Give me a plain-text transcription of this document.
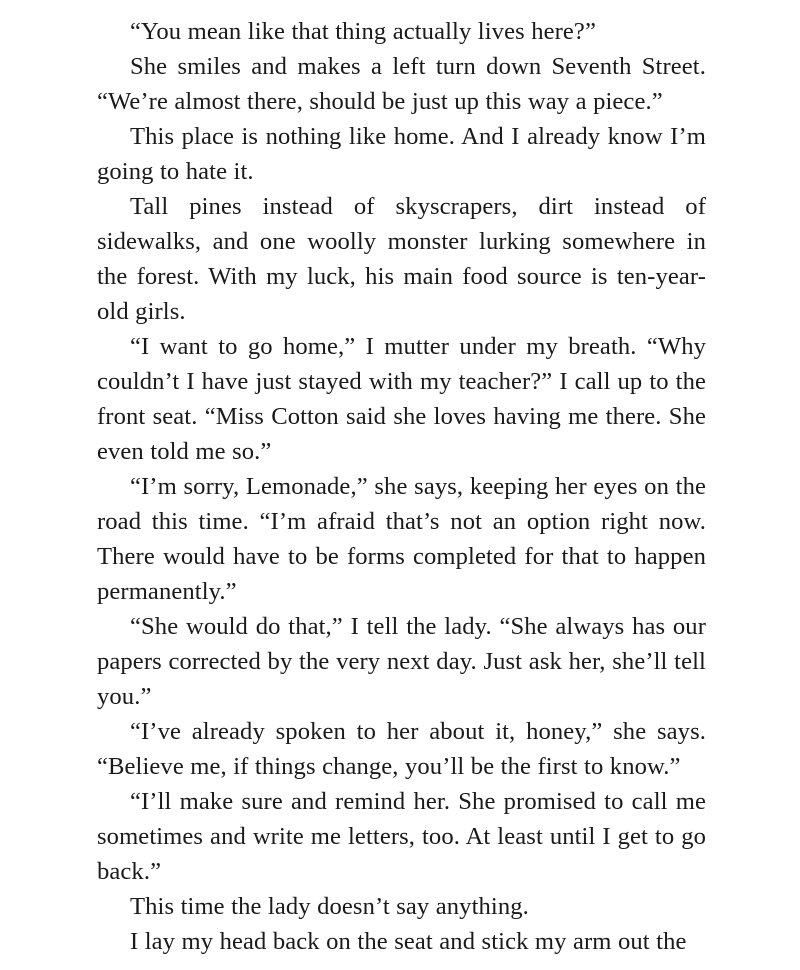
“You mean like that thing actually lives here?”

She smiles and makes a left turn down Seventh Street. “We’re almost there, should be just up this way a piece.”

This place is nothing like home. And I already know I’m going to hate it.

Tall pines instead of skyscrapers, dirt instead of sidewalks, and one woolly monster lurking somewhere in the forest. With my luck, his main food source is ten-year-old girls.

“I want to go home,” I mutter under my breath. “Why couldn’t I have just stayed with my teacher?” I call up to the front seat. “Miss Cotton said she loves having me there. She even told me so.”

“I’m sorry, Lemonade,” she says, keeping her eyes on the road this time. “I’m afraid that’s not an option right now. There would have to be forms completed for that to happen permanently.”

“She would do that,” I tell the lady. “She always has our papers corrected by the very next day. Just ask her, she’ll tell you.”

“I’ve already spoken to her about it, honey,” she says. “Believe me, if things change, you’ll be the first to know.”

“I’ll make sure and remind her. She promised to call me sometimes and write me letters, too. At least until I get to go back.”

This time the lady doesn’t say anything.

I lay my head back on the seat and stick my arm out the
